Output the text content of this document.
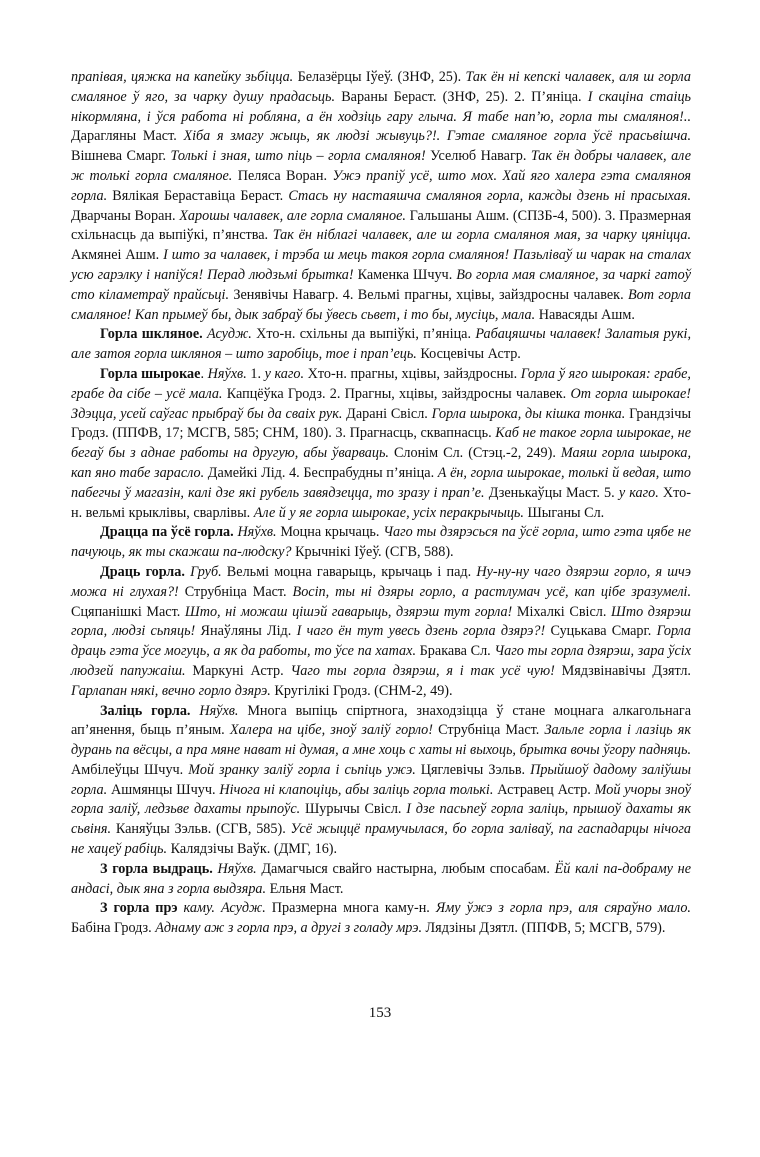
прапівая, цяжка на капейку зьбіцца. Белазёрцы Іўеў. (ЗНФ, 25). Так ён ні кепскі чалавек, аля ш горла смаляное ў яго, за чарку душу прадасьць. Вараны Бераст. (ЗНФ, 25). 2. П’яніца. І скаціна стаіць нікормляна, і ўся работа ні робляна, а ён ходзіць гару глыча. Я табе нап’ю, горла ты смаляноя!.. Дарагляны Маст. Хіба я змагу жыць, як людзі жывуць?!. Гэтае смаляное горла ўсё прасьвішча. Вішнева Смарг. Толькі і зная, што піць – горла смаляноя! Уселюб Навагр. Так ён добры чалавек, але ж толькі горла смаляное. Пеляса Воран. Ужэ прапіў усё, што мох. Хай яго халера гэта смаляноя горла. Вялікая Бераставіца Бераст. Стась ну настаяшча смаляноя горла, кажды дзень ні прасыхая. Дварчаны Воран. Харошы чалавек, але горла смаляное. Гальшаны Ашм. (СПЗБ-4, 500). 3. Празмерная схільнасць да выпіўкі, п’янства. Так ён ніблагі чалавек, але ш горла смаляноя мая, за чарку цяніцца. Акмянеі Ашм. І што за чалавек, і трэба ш мець такоя горла смаляноя! Пазьліваў ш чарак на сталах усю гарэлку і напіўся! Перад людзьмі брытка! Каменка Шчуч. Во горла мая смаляное, за чаркі гатоў сто кіламетраў прайсьці. Зенявічы Навагр. 4. Вельмі прагны, хцівы, зайздросны чалавек. Вот горла смаляное! Кап прымеў бы, дык забраў бы ўвесь сьвет, і то бы, мусіць, мала. Навасяды Ашм.

Горла шкляное. Асудж. Хто-н. схільны да выпіўкі, п’яніца. Рабацяшчы чалавек! Залатыя рукі, але затоя горла шкляноя – што заробіць, тое і прап’ець. Косцевічы Астр.

Горла шырокае. Няўхв. 1. у каго. Хто-н. прагны, хцівы, зайздросны. Горла ў яго шырокая: грабе, грабе да сібе – усё мала. Капцёўка Гродз. 2. Прагны, хцівы, зайздросны чалавек. От горла шырокае! Здэцца, усей саўгас прыбраў бы да сваіх рук. Дарані Свісл. Горла шырока, ды кішка тонка. Грандзічы Гродз. (ППФВ, 17; МСГВ, 585; СНМ, 180). 3. Прагнасць, сквапнасць. Каб не такое горла шырокае, не бегаў бы з аднае работы на другую, абы ўварваць. Слонім Сл. (Стэц.-2, 249). Маяш горла шырока, кап яно табе зарасло. Дамейкі Лід. 4. Беспрабудны п’яніца. А ён, горла шырокае, толькі й ведая, што пабегчы ў магазін, калі дзе які рубель завядзецца, то зразу і прап’е. Дзенькаўцы Маст. 5. у каго. Хто-н. вельмі крыклівы, сварлівы. Але й у яе горла шырокае, усіх перакрычыць. Шыганы Сл.

Драцца па ўсё горла. Няўхв. Моцна крычаць. Чаго ты дзярэсься па ўсё горла, што гэта цябе не пачуюць, як ты скажаш па-людску? Крычнікі Іўеў. (СГВ, 588).

Драць горла. Груб. Вельмі моцна гаварыць, крычаць і пад. Ну-ну-ну чаго дзярэш горло, я шчэ можа ні глухая?! Струбніца Маст. Восіп, ты ні дзяры горло, а растлумач усё, кап цібе зразумелі. Сцяпанішкі Маст. Што, ні можаш цішэй гаварыць, дзярэш тут горла! Міхалкі Свісл. Што дзярэш горла, людзі сьпяць! Янаўляны Лід. І чаго ён тут увесь дзень горла дзярэ?! Суцькава Смарг. Горла драць гэта ўсе могуць, а як да работы, то ўсе па хатах. Бракава Сл. Чаго ты горла дзярэш, зара ўсіх людзей папужаіш. Маркуні Астр. Чаго ты горла дзярэш, я і так усё чую! Мядзвінавічы Дзятл. Гарлапан някі, вечно горло дзярэ. Кругілікі Гродз. (СНМ-2, 49).

Заліць горла. Няўхв. Многа выпіць спіртнога, знаходзіцца ў стане моцнага алкагольнага ап’янення, быць п’яным. Халера на цібе, зноў заліў горло! Струбніца Маст. Зальле горла і лазіць як дурань па вёсцы, а пра мяне нават ні думая, а мне хоць с хаты ні выхоць, брытка вочы ўгору падняць. Амбілеўцы Шчуч. Мой зранку заліў горла і сьпіць ужэ. Цяглевічы Зэльв. Прыйшоў дадому заліўшы горла. Ашмянцы Шчуч. Нічога ні клапоціць, абы заліць горла толькі. Астравец Астр. Мой учоры зноў горла заліў, ледзьве дахаты прыпоўс. Шурычы Свісл. І дзе пасьпеў горла заліць, прышоў дахаты як сьвіня. Каняўцы Зэльв. (СГВ, 585). Усё жыццё прамучылася, бо горла заліваў, па гаспадарцы нічога не хацеў рабіць. Калядзічы Ваўк. (ДМГ, 16).

З горла выдраць. Няўхв. Дамагчыся свайго настырна, любым спосабам. Ёй калі па-добраму не андасі, дык яна з горла выдзяра. Ельня Маст.

З горла прэ каму. Асудж. Празмерна многа каму-н. Яму ўжэ з горла прэ, аля сяраўно мало. Бабіна Гродз. Аднаму аж з горла прэ, а другі з голаду мрэ. Лядзіны Дзятл. (ППФВ, 5; МСГВ, 579).

153
